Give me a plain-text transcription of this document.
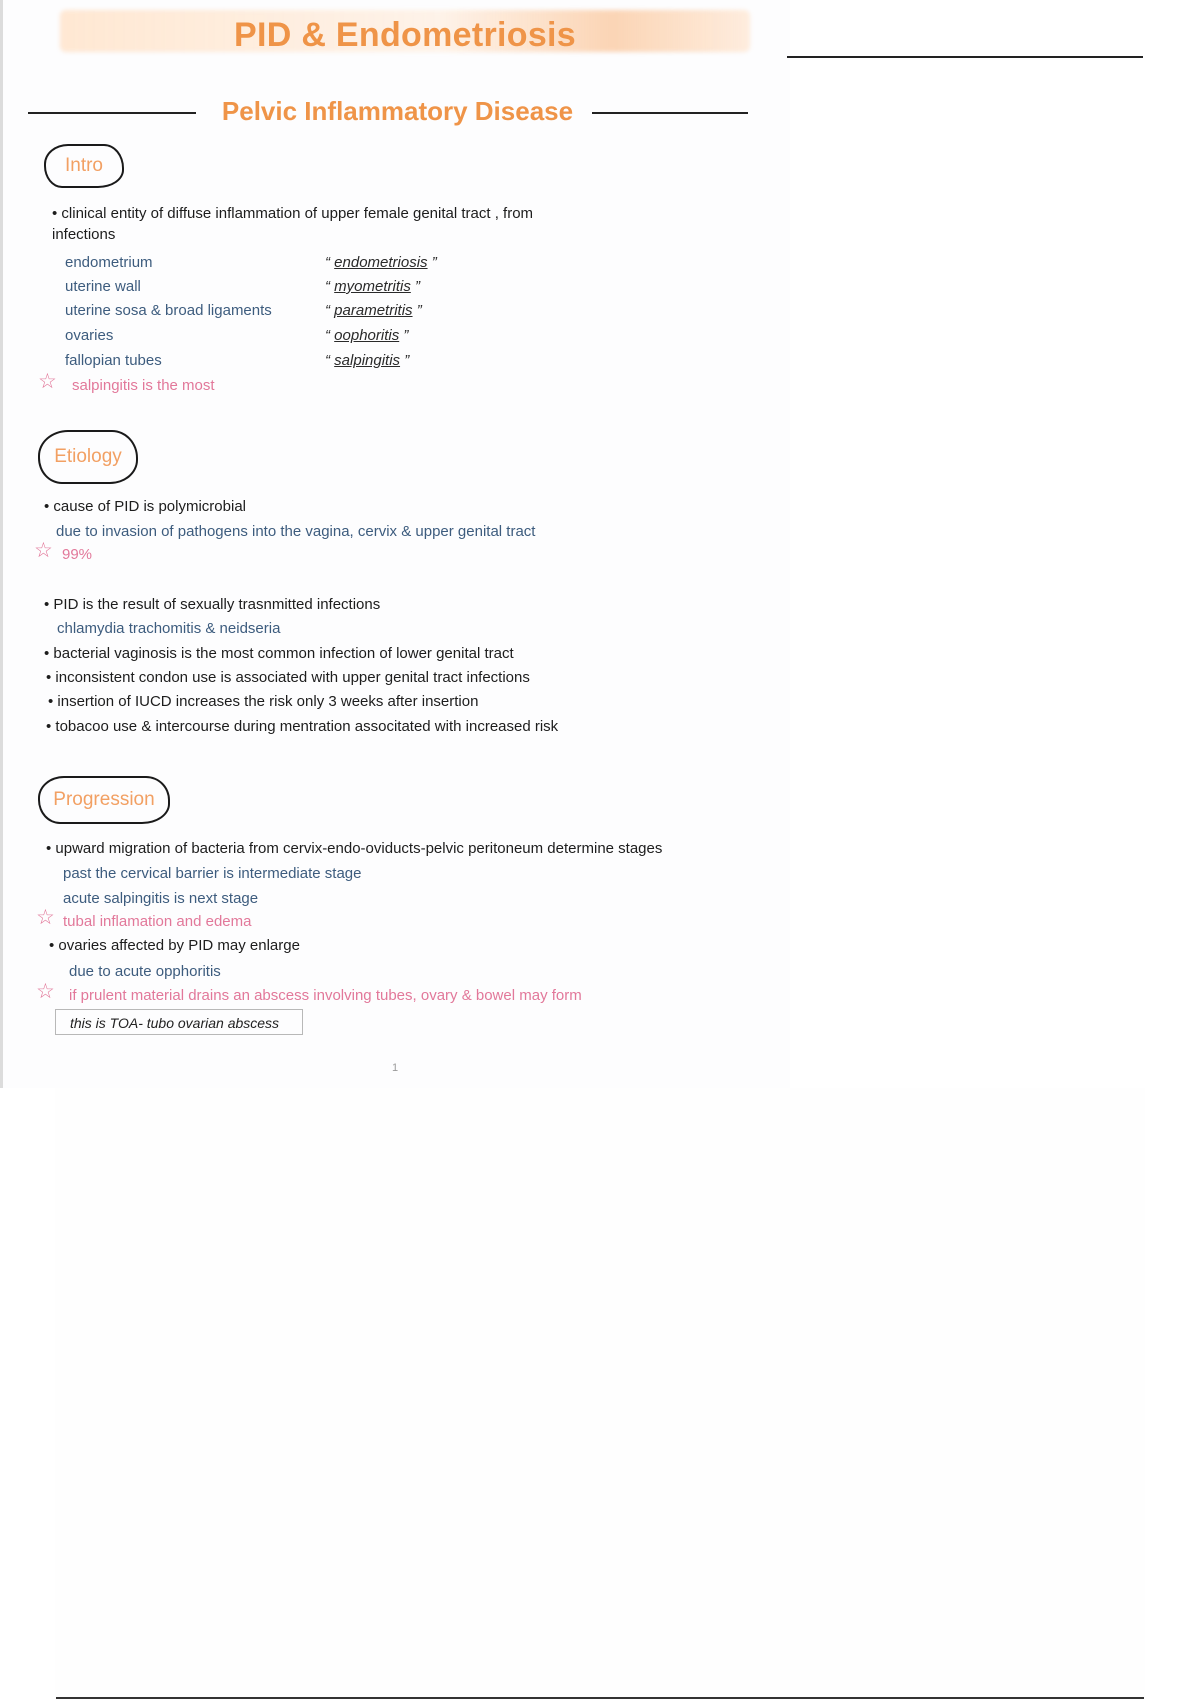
PID & Endometriosis
Pelvic Inflammatory Disease
Intro
• clinical entity of diffuse inflammation of upper female genital tract , from
infections
endometrium	“ endometriosis ”
uterine wall	“ myometritis ”
uterine sosa & broad ligaments	“ parametritis ”
ovaries	“ oophoritis ”
fallopian tubes	“ salpingitis ”
☆ salpingitis is the most
Etiology
• cause of PID is polymicrobial
due to invasion of pathogens into the vagina, cervix & upper genital tract
☆ 99%
• PID is the result of sexually trasnmitted infections
chlamydia trachomitis & neidseria
• bacterial vaginosis is the most common infection of lower genital tract
• inconsistent condon use is associated with upper genital tract infections
• insertion of IUCD increases the risk only 3 weeks after insertion
• tobacoo use & intercourse during mentration associtated with increased risk
Progression
• upward migration of bacteria from cervix-endo-oviducts-pelvic peritoneum determine stages
past the cervical barrier is intermediate stage
acute salpingitis is next stage
☆ tubal inflamation and edema
• ovaries affected by PID may enlarge
due to acute opphoritis
☆ if prulent material drains an abscess involving tubes, ovary & bowel may form
this is TOA- tubo ovarian abscess
1
